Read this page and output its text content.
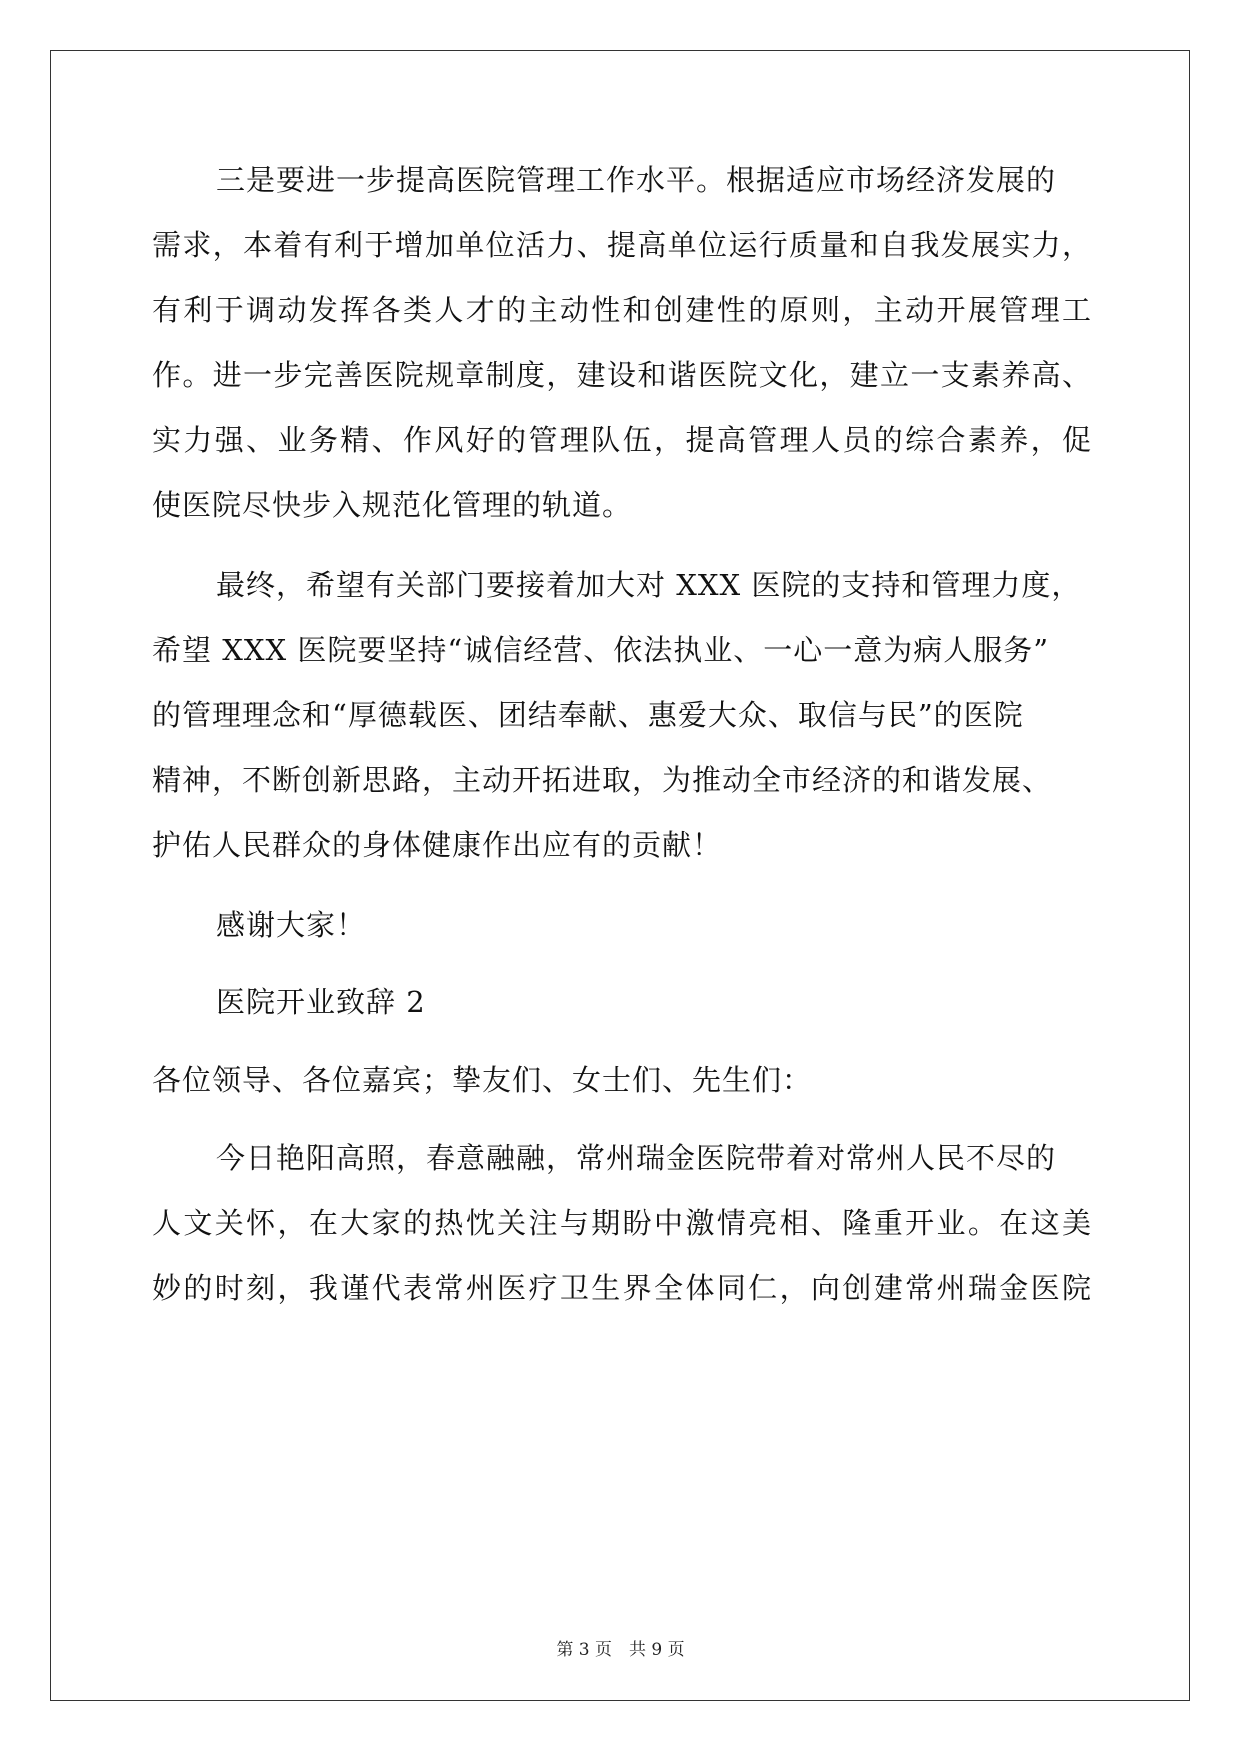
三是要进一步提高医院管理工作水平。根据适应市场经济发展的
需求，本着有利于增加单位活力、提高单位运行质量和自我发展实力，
有利于调动发挥各类人才的主动性和创建性的原则，主动开展管理工
作。进一步完善医院规章制度，建设和谐医院文化，建立一支素养高、
实力强、业务精、作风好的管理队伍，提高管理人员的综合素养，促
使医院尽快步入规范化管理的轨道。
最终，希望有关部门要接着加大对 XXX 医院的支持和管理力度，
希望 XXX 医院要坚持“诚信经营、依法执业、一心一意为病人服务”
的管理理念和“厚德载医、团结奉献、惠爱大众、取信与民”的医院
精神，不断创新思路，主动开拓进取，为推动全市经济的和谐发展、
护佑人民群众的身体健康作出应有的贡献！
感谢大家！
医院开业致辞 2
各位领导、各位嘉宾；挚友们、女士们、先生们：
今日艳阳高照，春意融融，常州瑞金医院带着对常州人民不尽的
人文关怀，在大家的热忱关注与期盼中激情亮相、隆重开业。在这美
妙的时刻，我谨代表常州医疗卫生界全体同仁，向创建常州瑞金医院
第 3 页　共 9 页
